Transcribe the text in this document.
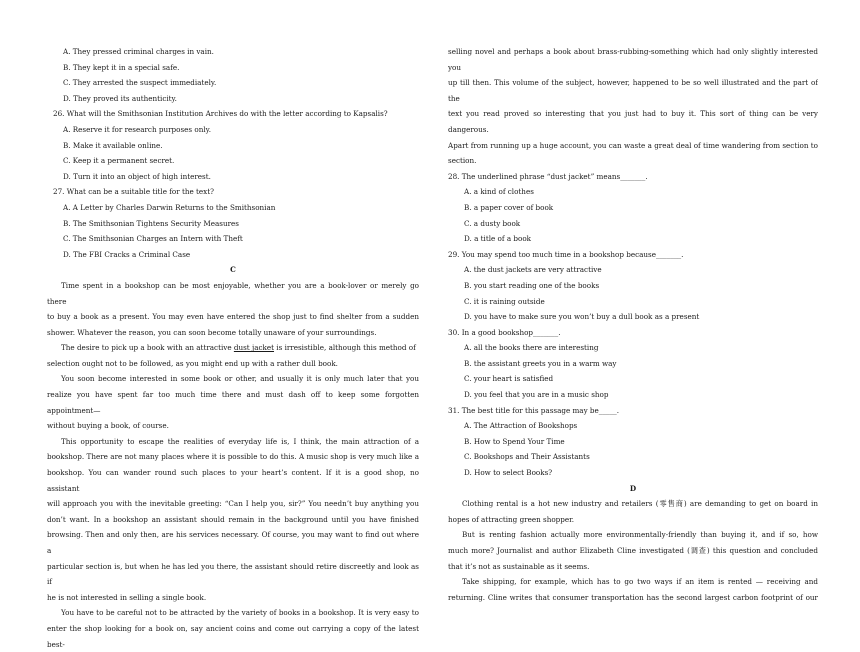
A. They pressed criminal charges in vain.
B. They kept it in a special safe.
C. They arrested the suspect immediately.
D. They proved its authenticity.
26. What will the Smithsonian Institution Archives do with the letter according to Kapsalis?
A. Reserve it for research purposes only.
B. Make it available online.
C. Keep it a permanent secret.
D. Turn it into an object of high interest.
27. What can be a suitable title for the text?
A. A Letter by Charles Darwin Returns to the Smithsonian
B. The Smithsonian Tightens Security Measures
C. The Smithsonian Charges an Intern with Theft
D. The FBI Cracks a Criminal Case
C
Time spent in a bookshop can be most enjoyable, whether you are a book-lover or merely go there
to buy a book as a present. You may even have entered the shop just to find shelter from a sudden
shower. Whatever the reason, you can soon become totally unaware of your surroundings.
The desire to pick up a book with an attractive dust jacket is irresistible, although this method of
selection ought not to be followed, as you might end up with a rather dull book.
You soon become interested in some book or other, and usually it is only much later that you
realize you have spent far too much time there and must dash off to keep some forgotten appointment—
without buying a book, of course.
This opportunity to escape the realities of everyday life is, I think, the main attraction of a
bookshop. There are not many places where it is possible to do this. A music shop is very much like a
bookshop. You can wander round such places to your heart’s content. If it is a good shop, no assistant
will approach you with the inevitable greeting: “Can I help you, sir?” You needn’t buy anything you
don’t want. In a bookshop an assistant should remain in the background until you have finished
browsing. Then and only then, are his services necessary. Of course, you may want to find out where a
particular section is, but when he has led you there, the assistant should retire discreetly and look as if
he is not interested in selling a single book.
You have to be careful not to be attracted by the variety of books in a bookshop. It is very easy to
enter the shop looking for a book on, say ancient coins and come out carrying a copy of the latest best-
selling novel and perhaps a book about brass-rubbing-something which had only slightly interested you
up till then. This volume of the subject, however, happened to be so well illustrated and the part of the
text you read proved so interesting that you just had to buy it. This sort of thing can be very dangerous.
Apart from running up a huge account, you can waste a great deal of time wandering from section to
section.
28. The underlined phrase “dust jacket” means_______.
A. a kind of clothes
B. a paper cover of book
C. a dusty book
D. a title of a book
29. You may spend too much time in a bookshop because_______.
A. the dust jackets are very attractive
B. you start reading one of the books
C. it is raining outside
D. you have to make sure you won’t buy a dull book as a present
30. In a good bookshop_______.
A. all the books there are interesting
B. the assistant greets you in a warm way
C. your heart is satisfied
D. you feel that you are in a music shop
31. The best title for this passage may be_____.
A. The Attraction of Bookshops
B. How to Spend Your Time
C. Bookshops and Their Assistants
D. How to select Books?
D
Clothing rental is a hot new industry and retailers (零售商) are demanding to get on board in
hopes of attracting green shopper.
But is renting fashion actually more environmentally-friendly than buying it, and if so, how
much more? Journalist and author Elizabeth Cline investigated (调查) this question and concluded
that it’s not as sustainable as it seems.
Take shipping, for example, which has to go two ways if an item is rented — receiving and
returning. Cline writes that consumer transportation has the second largest carbon footprint of our
